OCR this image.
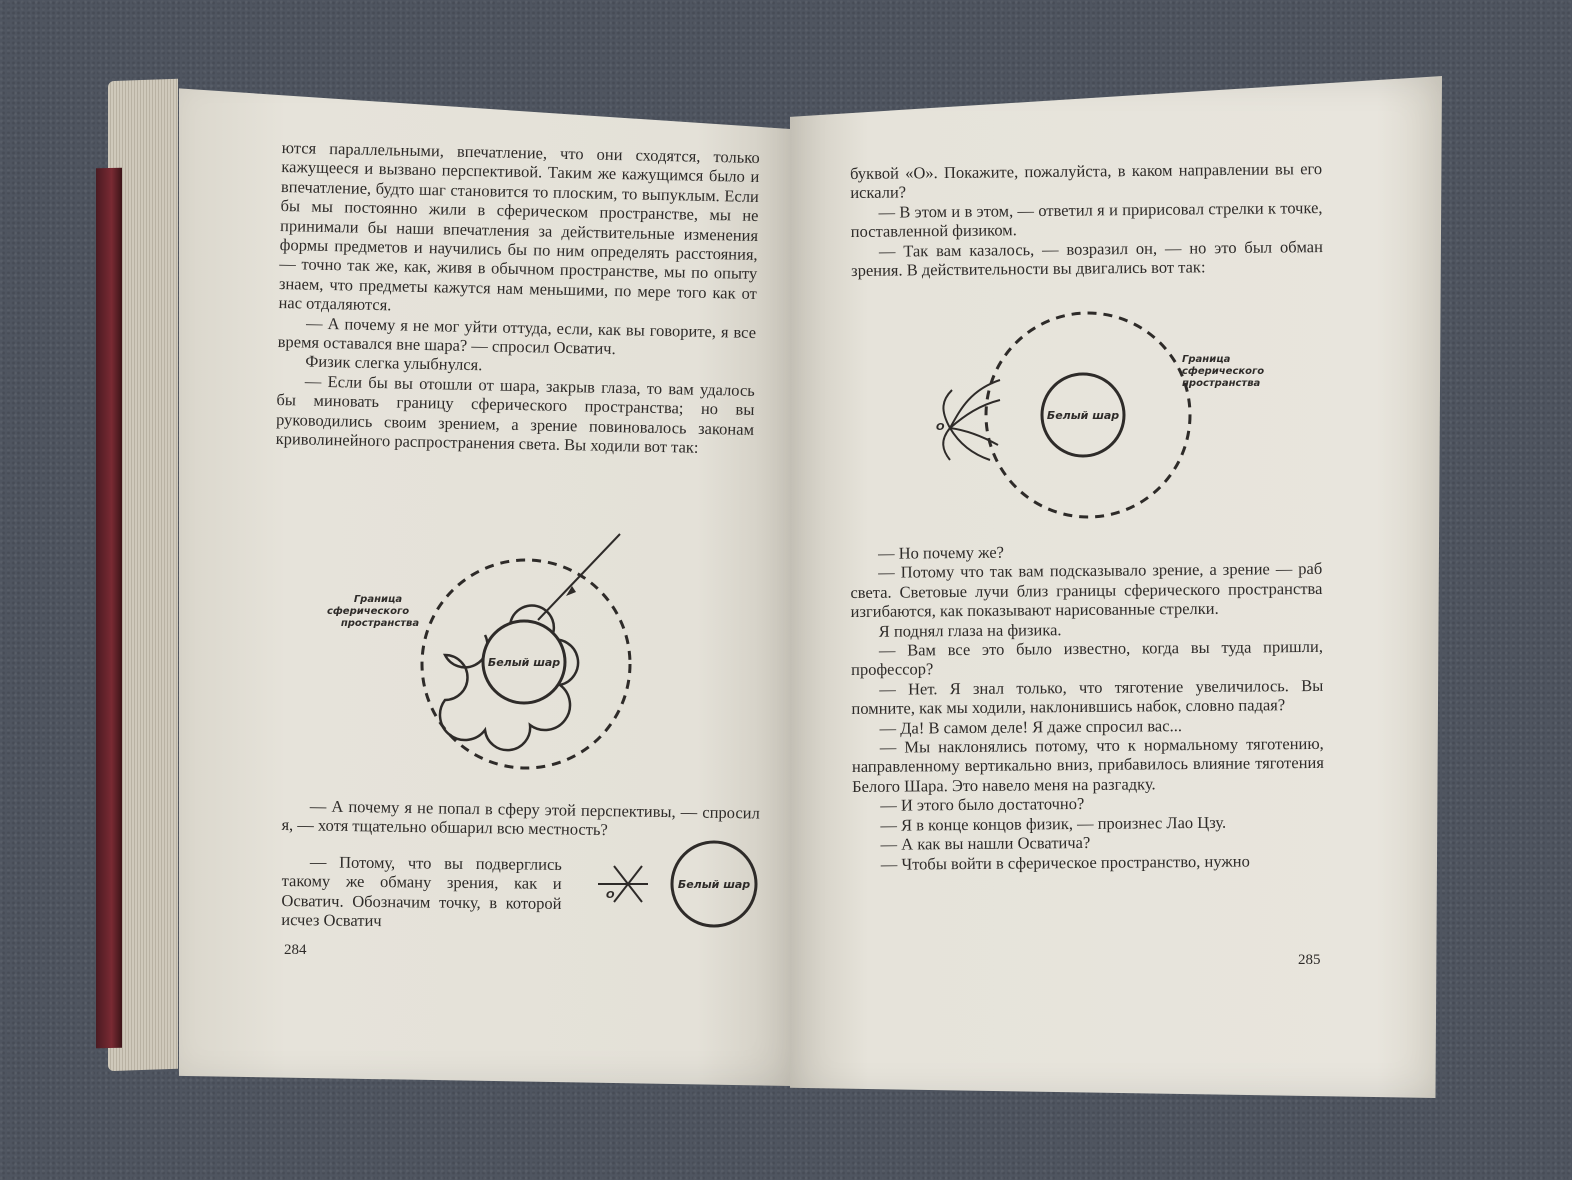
ются параллельными, впечатление, что они сходятся, только кажущееся и вызвано перспективой. Таким же кажущимся было и впечатление, будто шаг становится то плоским, то выпуклым. Если бы мы постоянно жили в сферическом пространстве, мы не принимали бы наши впечатления за действительные изменения формы предметов и научились бы по ним определять расстояния, — точно так же, как, живя в обычном пространстве, мы по опыту знаем, что предметы кажутся нам меньшими, по мере того как от нас отдаляются.

— А почему я не мог уйти оттуда, если, как вы говорите, я все время оставался вне шара? — спросил Осватич.

Физик слегка улыбнулся.

— Если бы вы отошли от шара, закрыв глаза, то вам удалось бы миновать границу сферического пространства; но вы руководились своим зрением, а зрение повиновалось законам криволинейного распространения света. Вы ходили вот так:

Белый шар
Граница
сферического
пространства

— А почему я не попал в сферу этой перспективы, — спросил я, — хотя тщательно обшарил всю местность?

— Потому, что вы подверглись такому же обману зрения, как и Осватич. Обозначим точку, в которой исчез Осватич

О
Белый шар
284

буквой «О». Покажите, пожалуйста, в каком направлении вы его искали?

— В этом и в этом, — ответил я и пририсовал стрелки к точке, поставленной физиком.

— Так вам казалось, — возразил он, — но это был обман зрения. В действительности вы двигались вот так:

Белый шар
О
Граница
сферического
пространства

— Но почему же?

— Потому что так вам подсказывало зрение, а зрение — раб света. Световые лучи близ границы сферического пространства изгибаются, как показывают нарисованные стрелки.

Я поднял глаза на физика.

— Вам все это было известно, когда вы туда пришли, профессор?

— Нет. Я знал только, что тяготение увеличилось. Вы помните, как мы ходили, наклонившись набок, словно падая?

— Да! В самом деле! Я даже спросил вас...

— Мы наклонялись потому, что к нормальному тяготению, направленному вертикально вниз, прибавилось влияние тяготения Белого Шара. Это навело меня на разгадку.

— И этого было достаточно?

— Я в конце концов физик, — произнес Лао Цзу.

— А как вы нашли Осватича?

— Чтобы войти в сферическое пространство, нужно

285
